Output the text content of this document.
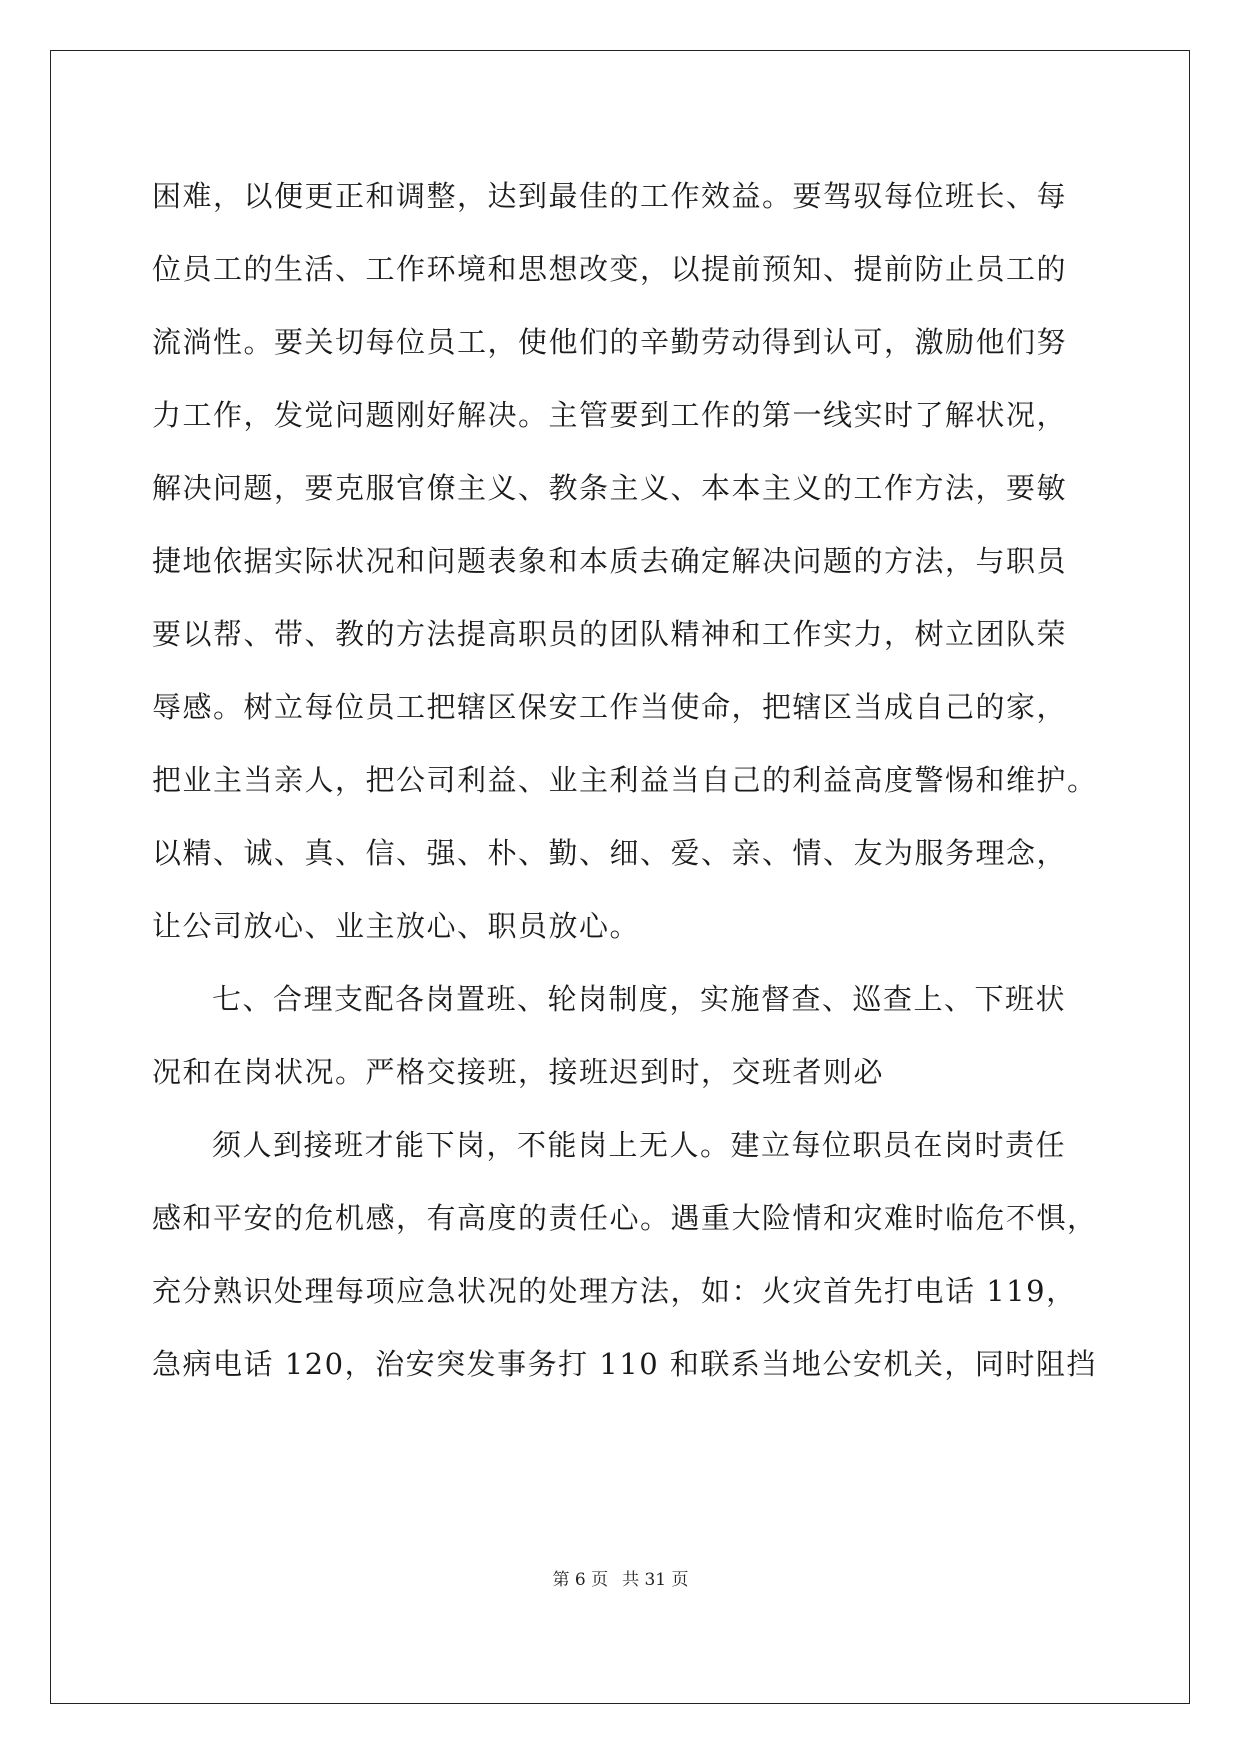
困难，以便更正和调整，达到最佳的工作效益。要驾驭每位班长、每
位员工的生活、工作环境和思想改变，以提前预知、提前防止员工的
流淌性。要关切每位员工，使他们的辛勤劳动得到认可，激励他们努
力工作，发觉问题刚好解决。主管要到工作的第一线实时了解状况，
解决问题，要克服官僚主义、教条主义、本本主义的工作方法，要敏
捷地依据实际状况和问题表象和本质去确定解决问题的方法，与职员
要以帮、带、教的方法提高职员的团队精神和工作实力，树立团队荣
辱感。树立每位员工把辖区保安工作当使命，把辖区当成自己的家，
把业主当亲人，把公司利益、业主利益当自己的利益高度警惕和维护。
以精、诚、真、信、强、朴、勤、细、爱、亲、情、友为服务理念，
让公司放心、业主放心、职员放心。
七、合理支配各岗置班、轮岗制度，实施督查、巡查上、下班状
况和在岗状况。严格交接班，接班迟到时，交班者则必
须人到接班才能下岗，不能岗上无人。建立每位职员在岗时责任
感和平安的危机感，有高度的责任心。遇重大险情和灾难时临危不惧，
充分熟识处理每项应急状况的处理方法，如：火灾首先打电话 119，
急病电话 120，治安突发事务打 110 和联系当地公安机关，同时阻挡
第 6 页 共 31 页
